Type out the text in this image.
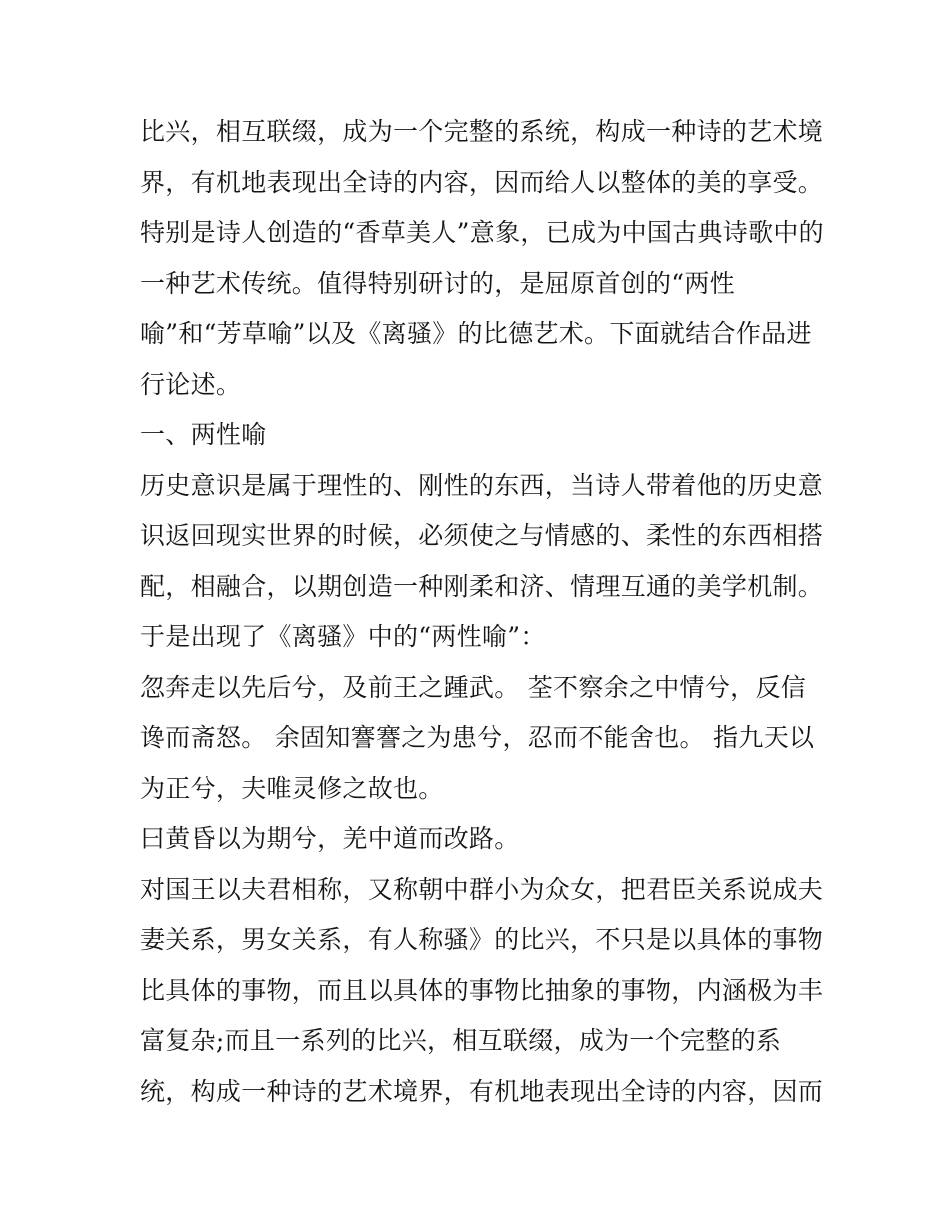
比兴，相互联缀，成为一个完整的系统，构成一种诗的艺术境
界，有机地表现出全诗的内容，因而给人以整体的美的享受。
特别是诗人创造的“香草美人”意象，已成为中国古典诗歌中的
一种艺术传统。值得特别研讨的，是屈原首创的“两性
喻”和“芳草喻”以及《离骚》的比德艺术。下面就结合作品进
行论述。
一、两性喻
历史意识是属于理性的、刚性的东西，当诗人带着他的历史意
识返回现实世界的时候，必须使之与情感的、柔性的东西相搭
配，相融合，以期创造一种刚柔和济、情理互通的美学机制。
于是出现了《离骚》中的“两性喻”：
忽奔走以先后兮，及前王之踵武。 荃不察余之中情兮，反信
谗而斋怒。 余固知謇謇之为患兮，忍而不能舍也。 指九天以
为正兮，夫唯灵修之故也。
曰黄昏以为期兮，羌中道而改路。
对国王以夫君相称，又称朝中群小为众女，把君臣关系说成夫
妻关系，男女关系，有人称骚》的比兴，不只是以具体的事物
比具体的事物，而且以具体的事物比抽象的事物，内涵极为丰
富复杂;而且一系列的比兴，相互联缀，成为一个完整的系
统，构成一种诗的艺术境界，有机地表现出全诗的内容，因而
